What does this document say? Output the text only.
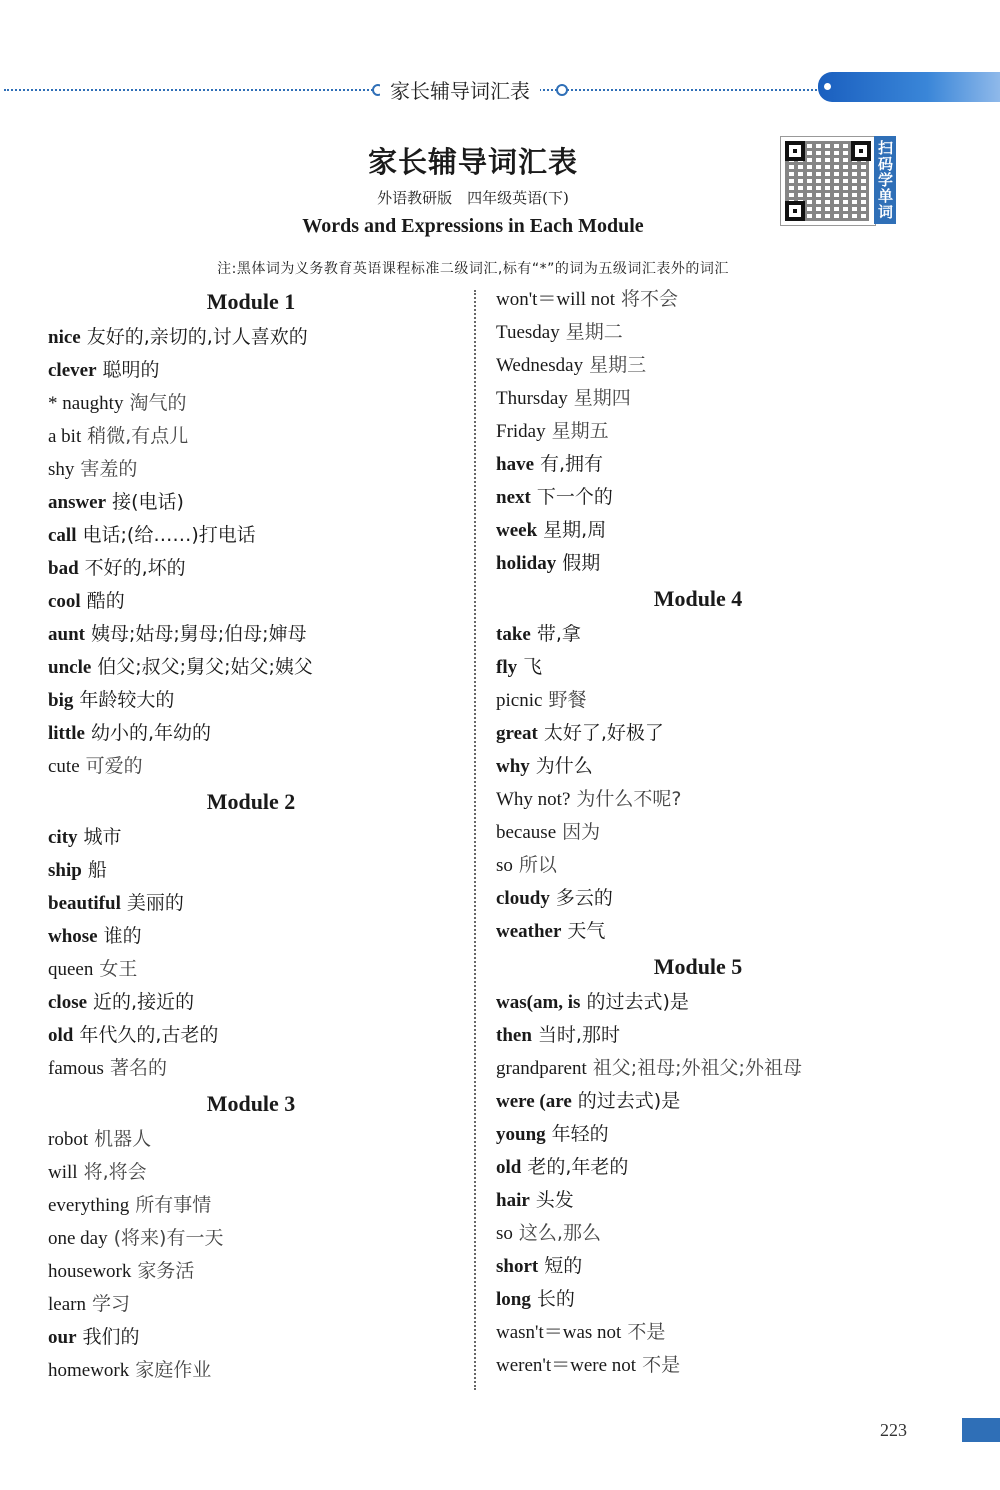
家长辅导词汇表
家长辅导词汇表
外语教研版　四年级英语(下)
Words and Expressions in Each Module
注:黑体词为义务教育英语课程标准二级词汇,标有“*”的词为五级词汇表外的词汇
扫码学单词
Module 1
nice 友好的,亲切的,讨人喜欢的
clever 聪明的
* naughty 淘气的
a bit 稍微,有点儿
shy 害羞的
answer 接(电话)
call 电话;(给……)打电话
bad 不好的,坏的
cool 酷的
aunt 姨母;姑母;舅母;伯母;婶母
uncle 伯父;叔父;舅父;姑父;姨父
big 年龄较大的
little 幼小的,年幼的
cute 可爱的
Module 2
city 城市
ship 船
beautiful 美丽的
whose 谁的
queen 女王
close 近的,接近的
old 年代久的,古老的
famous 著名的
Module 3
robot 机器人
will 将,将会
everything 所有事情
one day (将来)有一天
housework 家务活
learn 学习
our 我们的
homework 家庭作业
won't＝will not 将不会
Tuesday 星期二
Wednesday 星期三
Thursday 星期四
Friday 星期五
have 有,拥有
next 下一个的
week 星期,周
holiday 假期
Module 4
take 带,拿
fly 飞
picnic 野餐
great 太好了,好极了
why 为什么
Why not? 为什么不呢?
because 因为
so 所以
cloudy 多云的
weather 天气
Module 5
was(am, is 的过去式)是
then 当时,那时
grandparent 祖父;祖母;外祖父;外祖母
were (are 的过去式)是
young 年轻的
old 老的,年老的
hair 头发
so 这么,那么
short 短的
long 长的
wasn't＝was not 不是
weren't＝were not 不是
223
